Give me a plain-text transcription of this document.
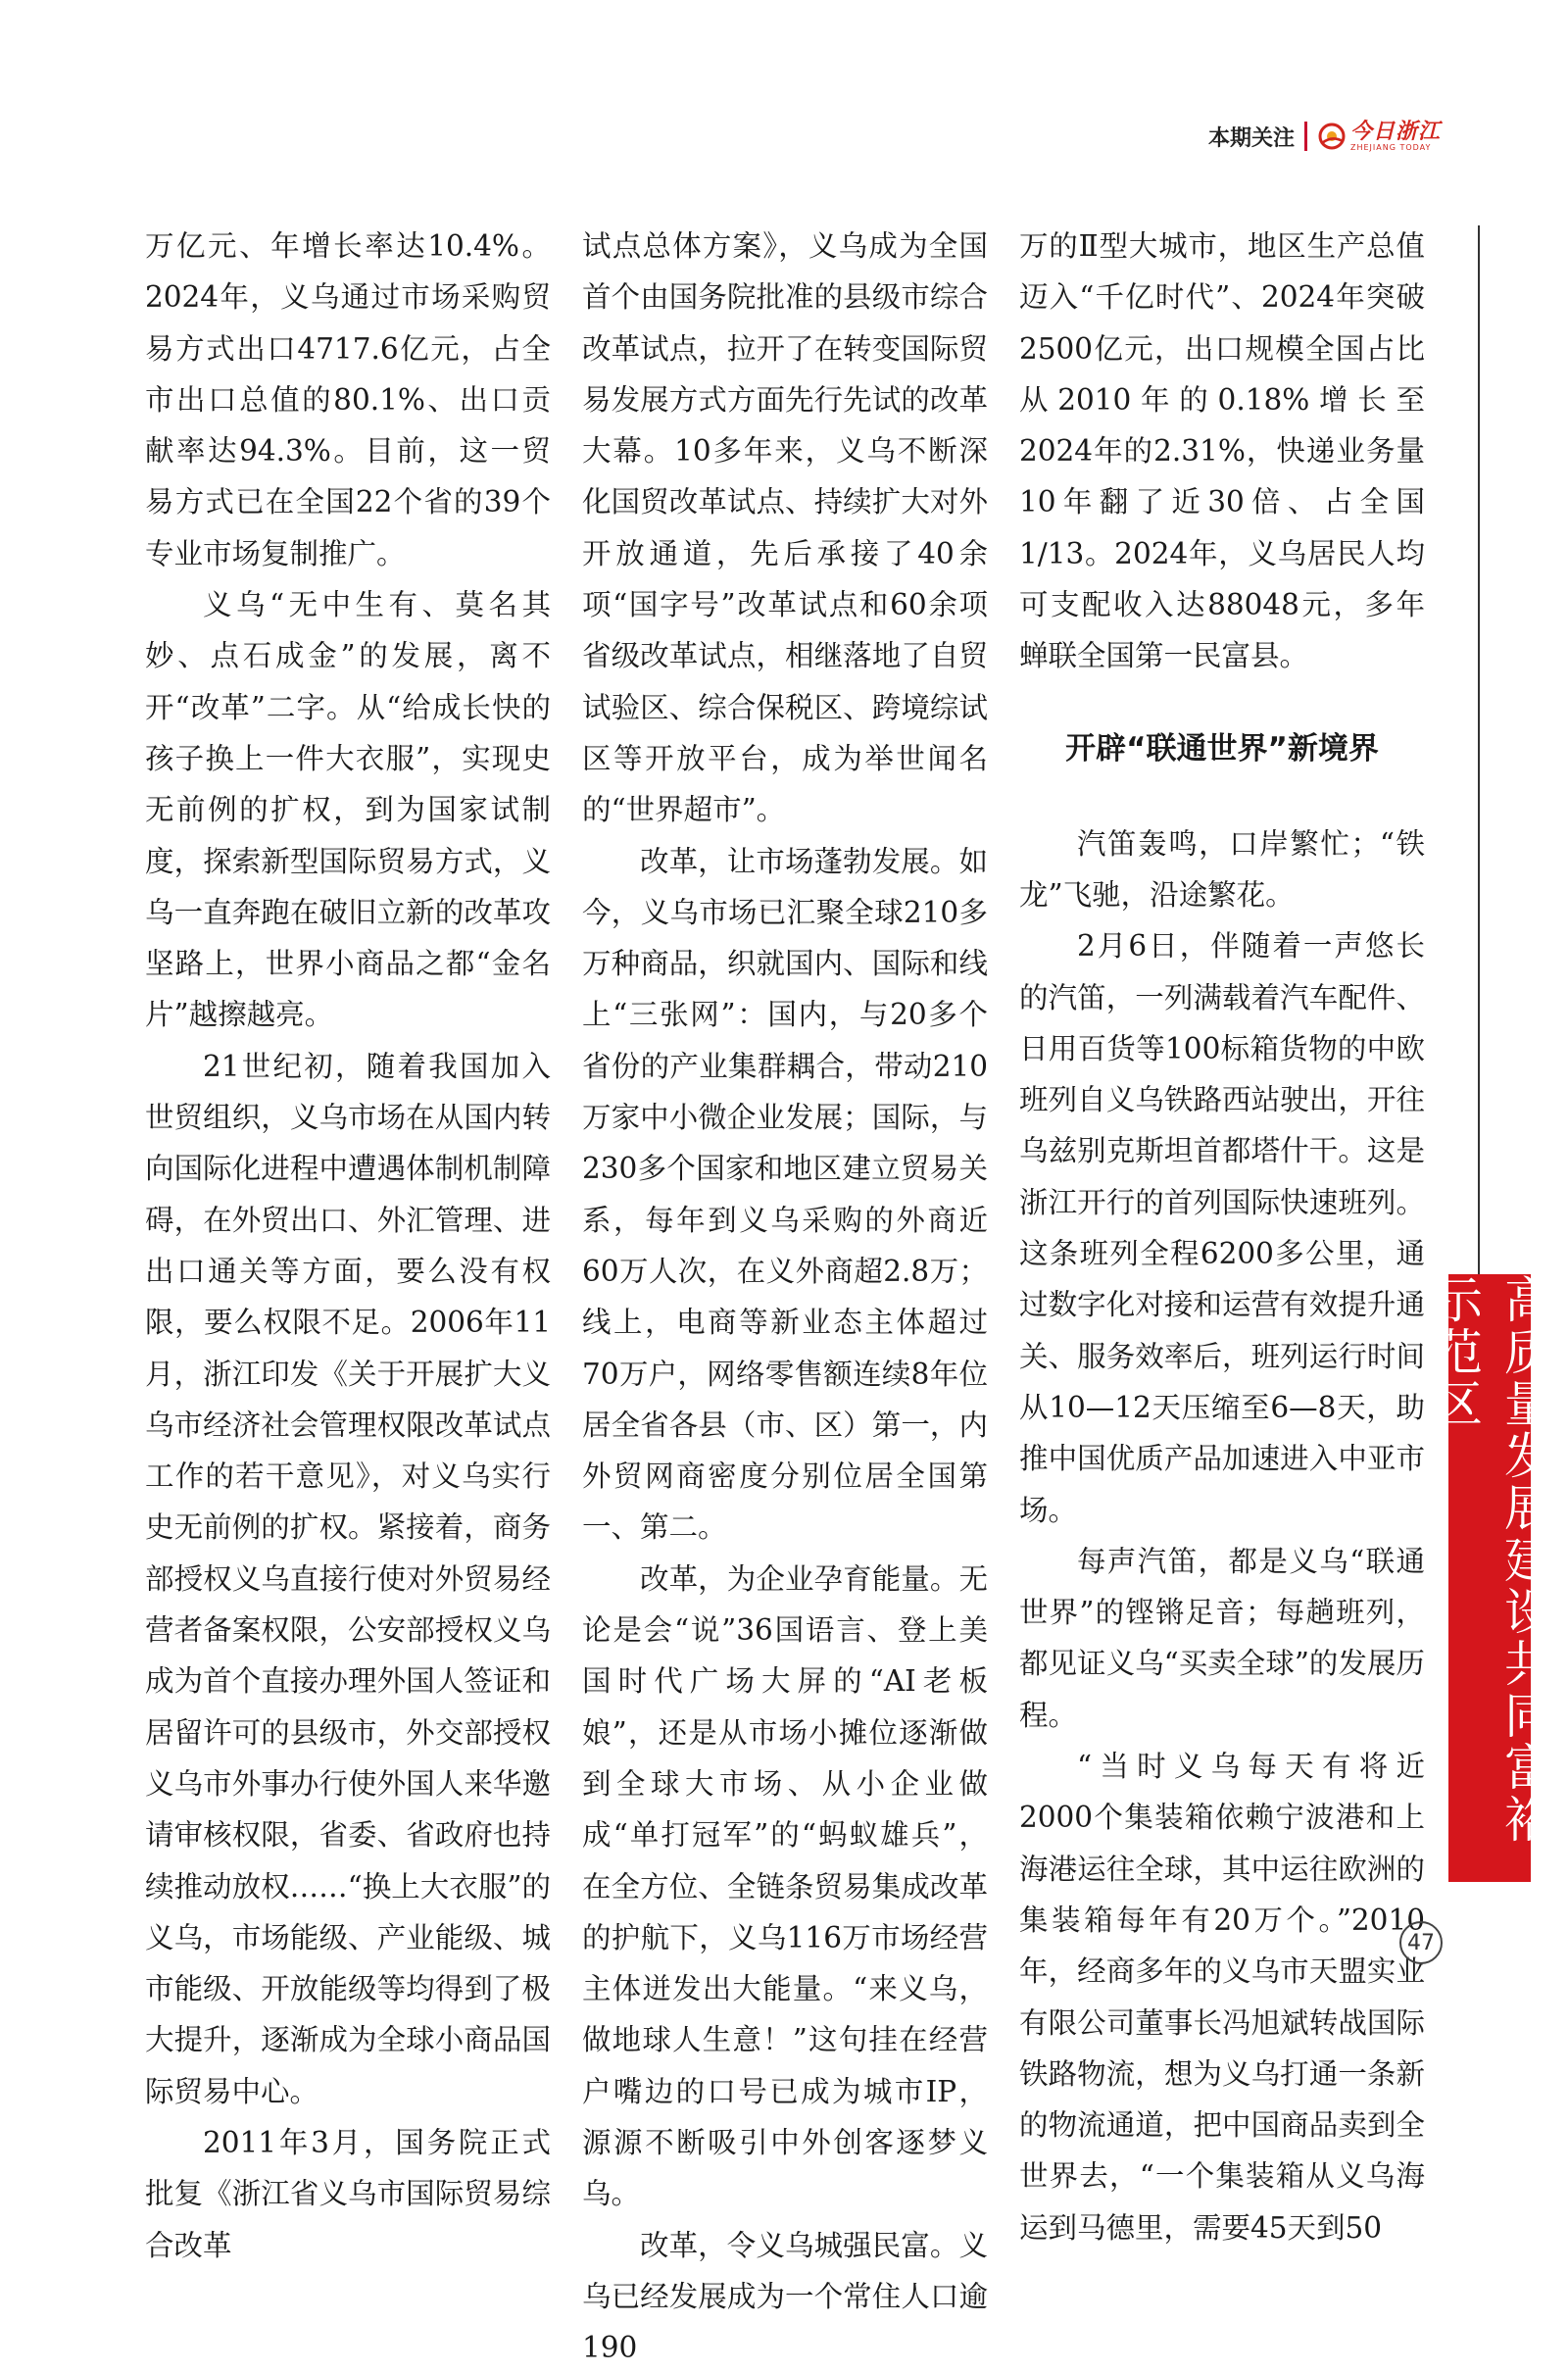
本期关注	今日浙江
ZHEJIANG TODAY

万亿元、年增长率达10.4%。2024年，义乌通过市场采购贸易方式出口4717.6亿元，占全市出口总值的80.1%、出口贡献率达94.3%。目前，这一贸易方式已在全国22个省的39个专业市场复制推广。

义乌“无中生有、莫名其妙、点石成金”的发展，离不开“改革”二字。从“给成长快的孩子换上一件大衣服”，实现史无前例的扩权，到为国家试制度，探索新型国际贸易方式，义乌一直奔跑在破旧立新的改革攻坚路上，世界小商品之都“金名片”越擦越亮。

21世纪初，随着我国加入世贸组织，义乌市场在从国内转向国际化进程中遭遇体制机制障碍，在外贸出口、外汇管理、进出口通关等方面，要么没有权限，要么权限不足。2006年11月，浙江印发《关于开展扩大义乌市经济社会管理权限改革试点工作的若干意见》，对义乌实行史无前例的扩权。紧接着，商务部授权义乌直接行使对外贸易经营者备案权限，公安部授权义乌成为首个直接办理外国人签证和居留许可的县级市，外交部授权义乌市外事办行使外国人来华邀请审核权限，省委、省政府也持续推动放权……“换上大衣服”的义乌，市场能级、产业能级、城市能级、开放能级等均得到了极大提升，逐渐成为全球小商品国际贸易中心。

2011年3月，国务院正式批复《浙江省义乌市国际贸易综合改革

试点总体方案》，义乌成为全国首个由国务院批准的县级市综合改革试点，拉开了在转变国际贸易发展方式方面先行先试的改革大幕。10多年来，义乌不断深化国贸改革试点、持续扩大对外开放通道，先后承接了40余项“国字号”改革试点和60余项省级改革试点，相继落地了自贸试验区、综合保税区、跨境综试区等开放平台，成为举世闻名的“世界超市”。

改革，让市场蓬勃发展。如今，义乌市场已汇聚全球210多万种商品，织就国内、国际和线上“三张网”：国内，与20多个省份的产业集群耦合，带动210万家中小微企业发展；国际，与230多个国家和地区建立贸易关系，每年到义乌采购的外商近60万人次，在义外商超2.8万；线上，电商等新业态主体超过70万户，网络零售额连续8年位居全省各县（市、区）第一，内外贸网商密度分别位居全国第一、第二。

改革，为企业孕育能量。无论是会“说”36国语言、登上美国时代广场大屏的“AI老板娘”，还是从市场小摊位逐渐做到全球大市场、从小企业做成“单打冠军”的“蚂蚁雄兵”，在全方位、全链条贸易集成改革的护航下，义乌116万市场经营主体迸发出大能量。“来义乌，做地球人生意！”这句挂在经营户嘴边的口号已成为城市IP，源源不断吸引中外创客逐梦义乌。

改革，令义乌城强民富。义乌已经发展成为一个常住人口逾190

万的Ⅱ型大城市，地区生产总值迈入“千亿时代”、2024年突破2500亿元，出口规模全国占比从2010年的0.18%增长至2024年的2.31%，快递业务量10年翻了近30倍、占全国1/13。2024年，义乌居民人均可支配收入达88048元，多年蝉联全国第一民富县。

开辟“联通世界”新境界

汽笛轰鸣，口岸繁忙；“铁龙”飞驰，沿途繁花。

2月6日，伴随着一声悠长的汽笛，一列满载着汽车配件、日用百货等100标箱货物的中欧班列自义乌铁路西站驶出，开往乌兹别克斯坦首都塔什干。这是浙江开行的首列国际快速班列。这条班列全程6200多公里，通过数字化对接和运营有效提升通关、服务效率后，班列运行时间从10—12天压缩至6—8天，助推中国优质产品加速进入中亚市场。

每声汽笛，都是义乌“联通世界”的铿锵足音；每趟班列，都见证义乌“买卖全球”的发展历程。

“当时义乌每天有将近2000个集装箱依赖宁波港和上海港运往全球，其中运往欧洲的集装箱每年有20万个。”2010年，经商多年的义乌市天盟实业有限公司董事长冯旭斌转战国际铁路物流，想为义乌打通一条新的物流通道，把中国商品卖到全世界去，“一个集装箱从义乌海运到马德里，需要45天到50

高质量发展建设共同富裕示范区
47
